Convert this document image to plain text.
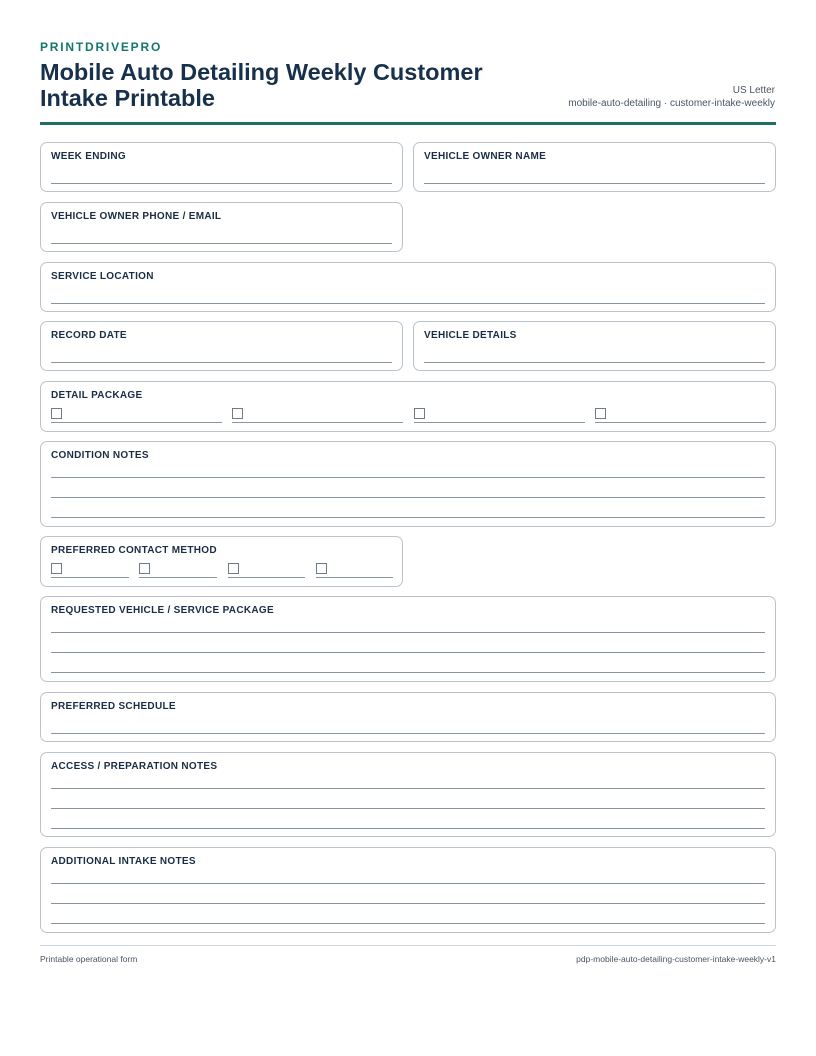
PRINTDRIVEPRO
Mobile Auto Detailing Weekly Customer Intake Printable	US Letter
mobile-auto-detailing · customer-intake-weekly
WEEK ENDING	VEHICLE OWNER NAME
VEHICLE OWNER PHONE / EMAIL
SERVICE LOCATION
RECORD DATE	VEHICLE DETAILS
DETAIL PACKAGE
CONDITION NOTES
PREFERRED CONTACT METHOD
REQUESTED VEHICLE / SERVICE PACKAGE
PREFERRED SCHEDULE
ACCESS / PREPARATION NOTES
ADDITIONAL INTAKE NOTES
Printable operational form	pdp-mobile-auto-detailing-customer-intake-weekly-v1
